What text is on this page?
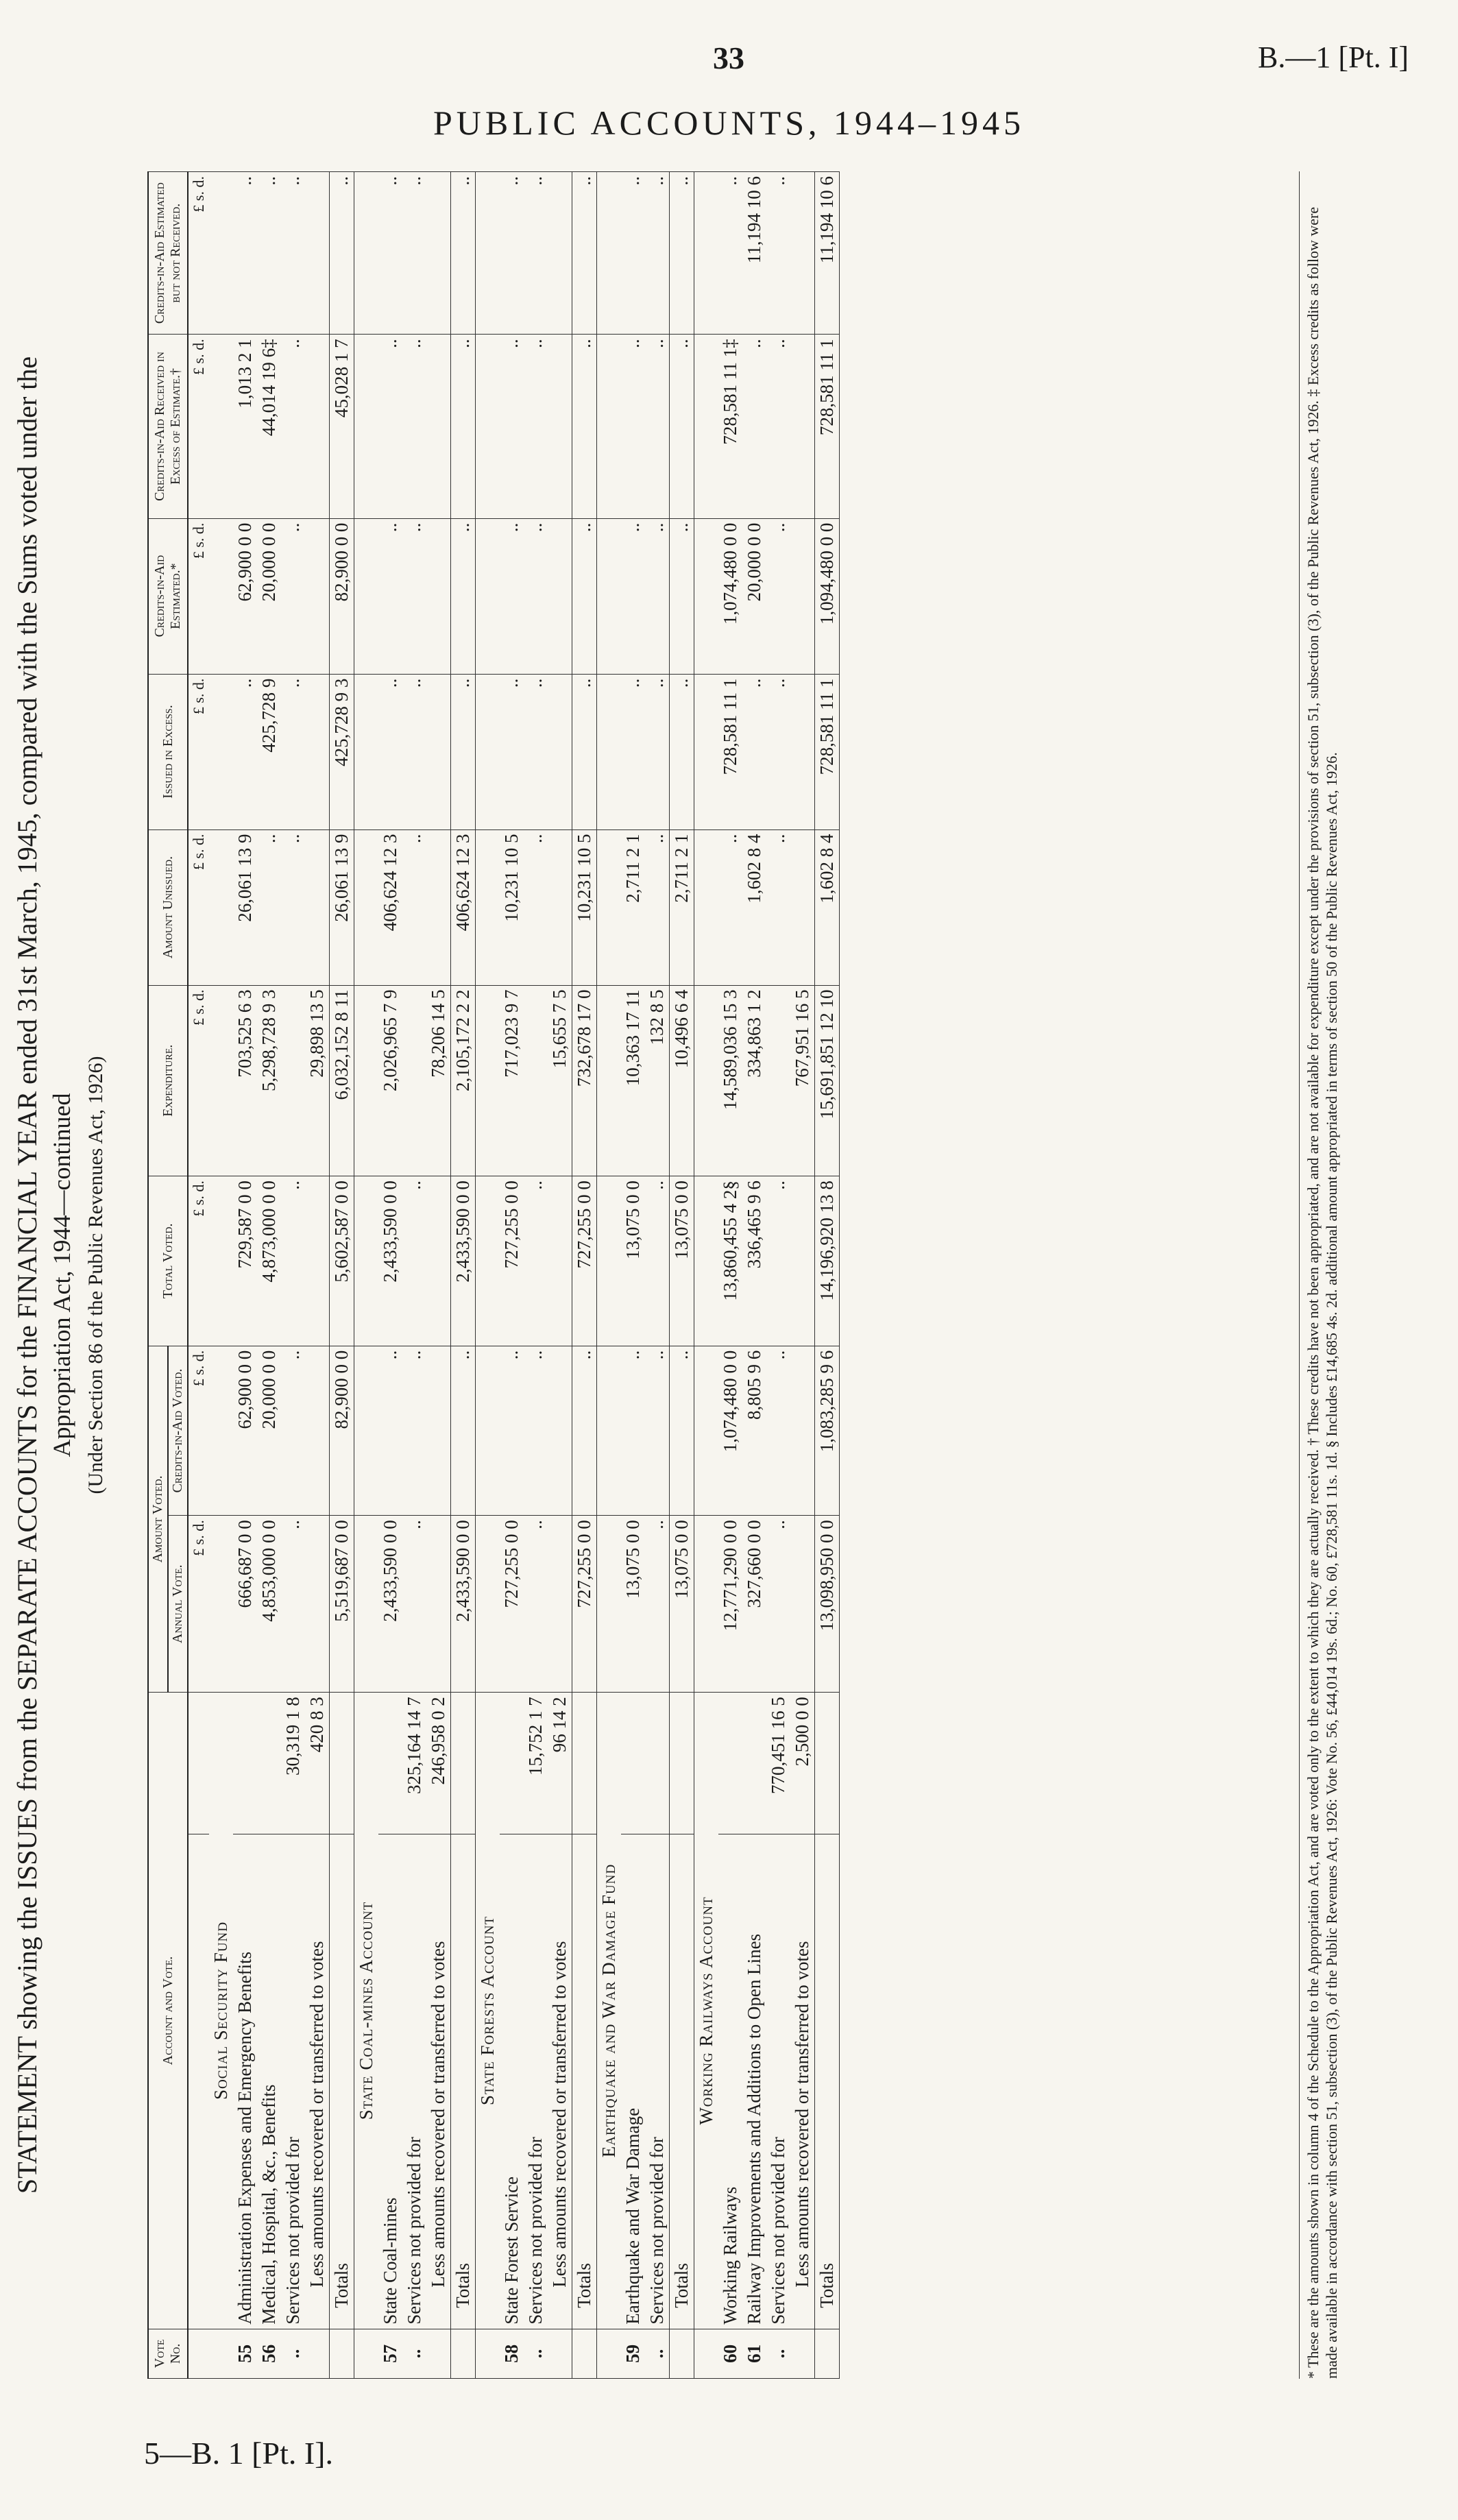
33	B.—1 [Pt. I]
PUBLIC ACCOUNTS, 1944–1945
STATEMENT showing the ISSUES from the SEPARATE ACCOUNTS for the FINANCIAL YEAR ended 31st March, 1945, compared with the Sums voted under the Appropriation Act, 1944—continued (Under Section 86 of the Public Revenues Act, 1926)
Vote No.	Account and Vote.		Amount Voted.		Total Voted.	Expenditure.	Amount Unissued.	Issued in Excess.	Credits-in-Aid Estimated.*	Credits-in-Aid Received in Excess of Estimate.†	Credits-in-Aid Estimated but not Received.
			Annual Vote.	Credits-in-Aid Voted.							
			£ s. d.	£ s. d.	£ s. d.	£ s. d.	£ s. d.	£ s. d.	£ s. d.	£ s. d.	£ s. d.
	Social Security Fund										
55	Administration Expenses and Emergency Benefits		666,687 0 0	62,900 0 0	729,587 0 0	703,525 6 3	26,061 13 9	..	62,900 0 0	1,013 2 1	..
56	Medical, Hospital, &c., Benefits		4,853,000 0 0	20,000 0 0	4,873,000 0 0	5,298,728 9 3	..	425,728 9	20,000 0 0	44,014 19 6‡	..
..	Services not provided for	30,319 1 8	..	..	..		..	..	..	..	..
	Less amounts recovered or transferred to votes	420 8 3				29,898 13 5					
	Totals		5,519,687 0 0	82,900 0 0	5,602,587 0 0	6,032,152 8 11	26,061 13 9	425,728 9 3	82,900 0 0	45,028 1 7	..
	State Coal-mines Account										
57	State Coal-mines		2,433,590 0 0	..	2,433,590 0 0	2,026,965 7 9	406,624 12 3	..	..	..	..
..	Services not provided for	325,164 14 7	..	..	..		..	..	..	..	..
	Less amounts recovered or transferred to votes	246,958 0 2				78,206 14 5					
	Totals		2,433,590 0 0	..	2,433,590 0 0	2,105,172 2 2	406,624 12 3	..	..	..	..
	State Forests Account										
58	State Forest Service		727,255 0 0	..	727,255 0 0	717,023 9 7	10,231 10 5	..	..	..	..
..	Services not provided for	15,752 1 7	..	..	..		..	..	..	..	..
	Less amounts recovered or transferred to votes	96 14 2				15,655 7 5					
	Totals		727,255 0 0	..	727,255 0 0	732,678 17 0	10,231 10 5	..	..	..	..
	Earthquake and War Damage Fund										
59	Earthquake and War Damage		13,075 0 0	..	13,075 0 0	10,363 17 11	2,711 2 1	..	..	..	..
..	Services not provided for		..	..	..	132 8 5	..	..	..	..	..
	Totals		13,075 0 0	..	13,075 0 0	10,496 6 4	2,711 2 1	..	..	..	..
	Working Railways Account										
60	Working Railways		12,771,290 0 0	1,074,480 0 0	13,860,455 4 2§	14,589,036 15 3	..	728,581 11 1	1,074,480 0 0	728,581 11 1‡	..
61	Railway Improvements and Additions to Open Lines		327,660 0 0	8,805 9 6	336,465 9 6	334,863 1 2	1,602 8 4	..	20,000 0 0	..	11,194 10 6
..	Services not provided for	770,451 16 5	..	..	..		..	..	..	..	..
	Less amounts recovered or transferred to votes	2,500 0 0				767,951 16 5					
	Totals		13,098,950 0 0	1,083,285 9 6	14,196,920 13 8	15,691,851 12 10	1,602 8 4	728,581 11 1	1,094,480 0 0	728,581 11 1	11,194 10 6
* These are the amounts shown in column 4 of the Schedule to the Appropriation Act, and are voted only to the extent to which they are actually received. † These credits have not been appropriated, and are not available for expenditure except under the provisions of section 51, subsection (3), of the Public Revenues Act, 1926. ‡ Excess credits as follow were made available in accordance with section 51, subsection (3), of the Public Revenues Act, 1926: Vote No. 56, £44,014 19s. 6d.; No. 60, £728,581 11s. 1d. § Includes £14,685 4s. 2d. additional amount appropriated in terms of section 50 of the Public Revenues Act, 1926.
5—B. 1 [Pt. I].
